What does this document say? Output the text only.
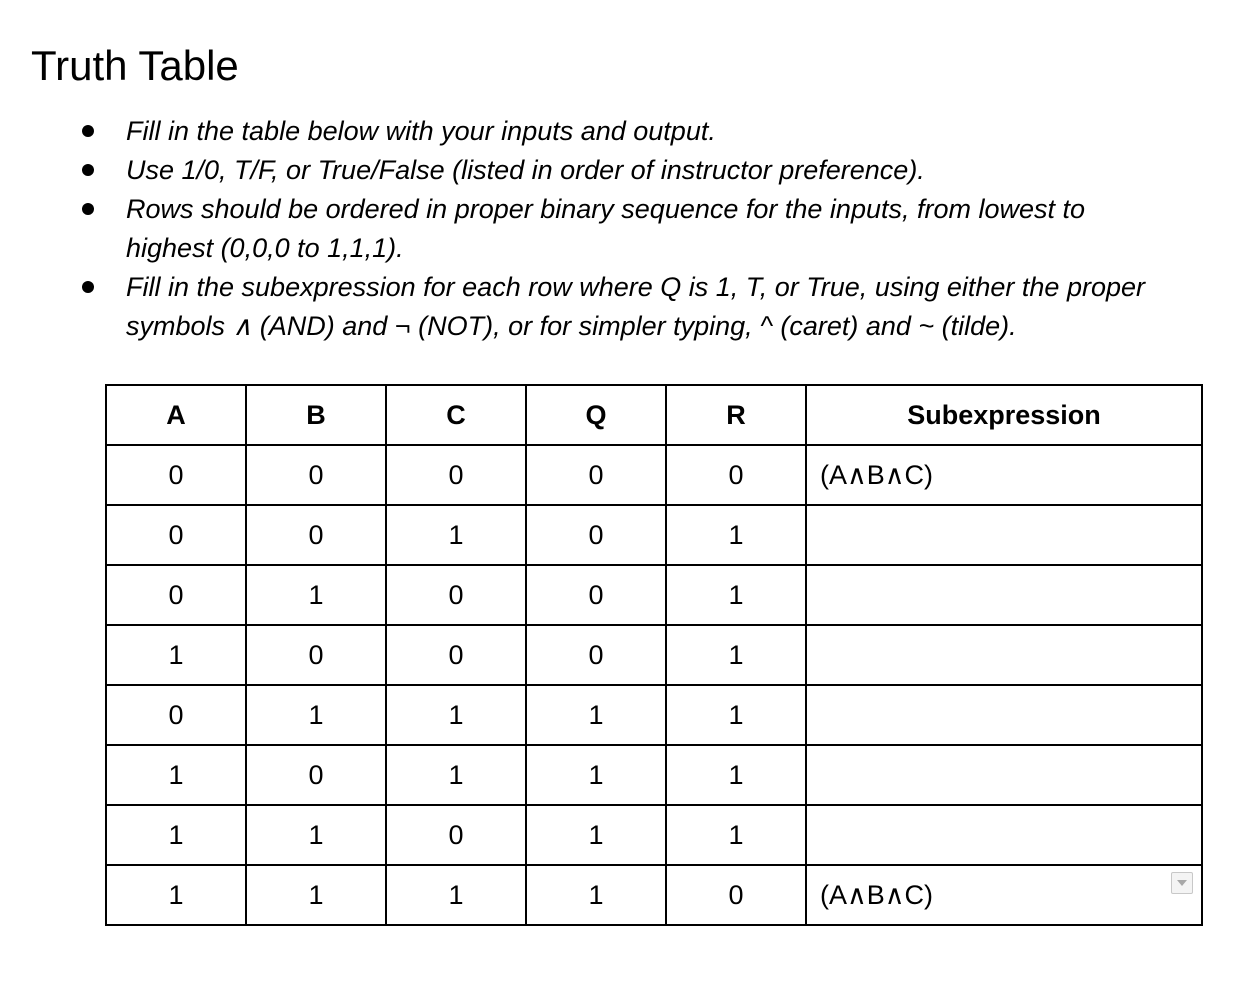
Truth Table
Fill in the table below with your inputs and output.
Use 1/0, T/F, or True/False (listed in order of instructor preference).
Rows should be ordered in proper binary sequence for the inputs, from lowest to
highest (0,0,0 to 1,1,1).
Fill in the subexpression for each row where Q is 1, T, or True, using either the proper
symbols ∧ (AND) and ¬ (NOT), or for simpler typing, ^ (caret) and ~ (tilde).
A	B	C	Q	R	Subexpression
0	0	0	0	0	(A∧B∧C)
0	0	1	0	1	
0	1	0	0	1	
1	0	0	0	1	
0	1	1	1	1	
1	0	1	1	1	
1	1	0	1	1	
1	1	1	1	0	(A∧B∧C)
